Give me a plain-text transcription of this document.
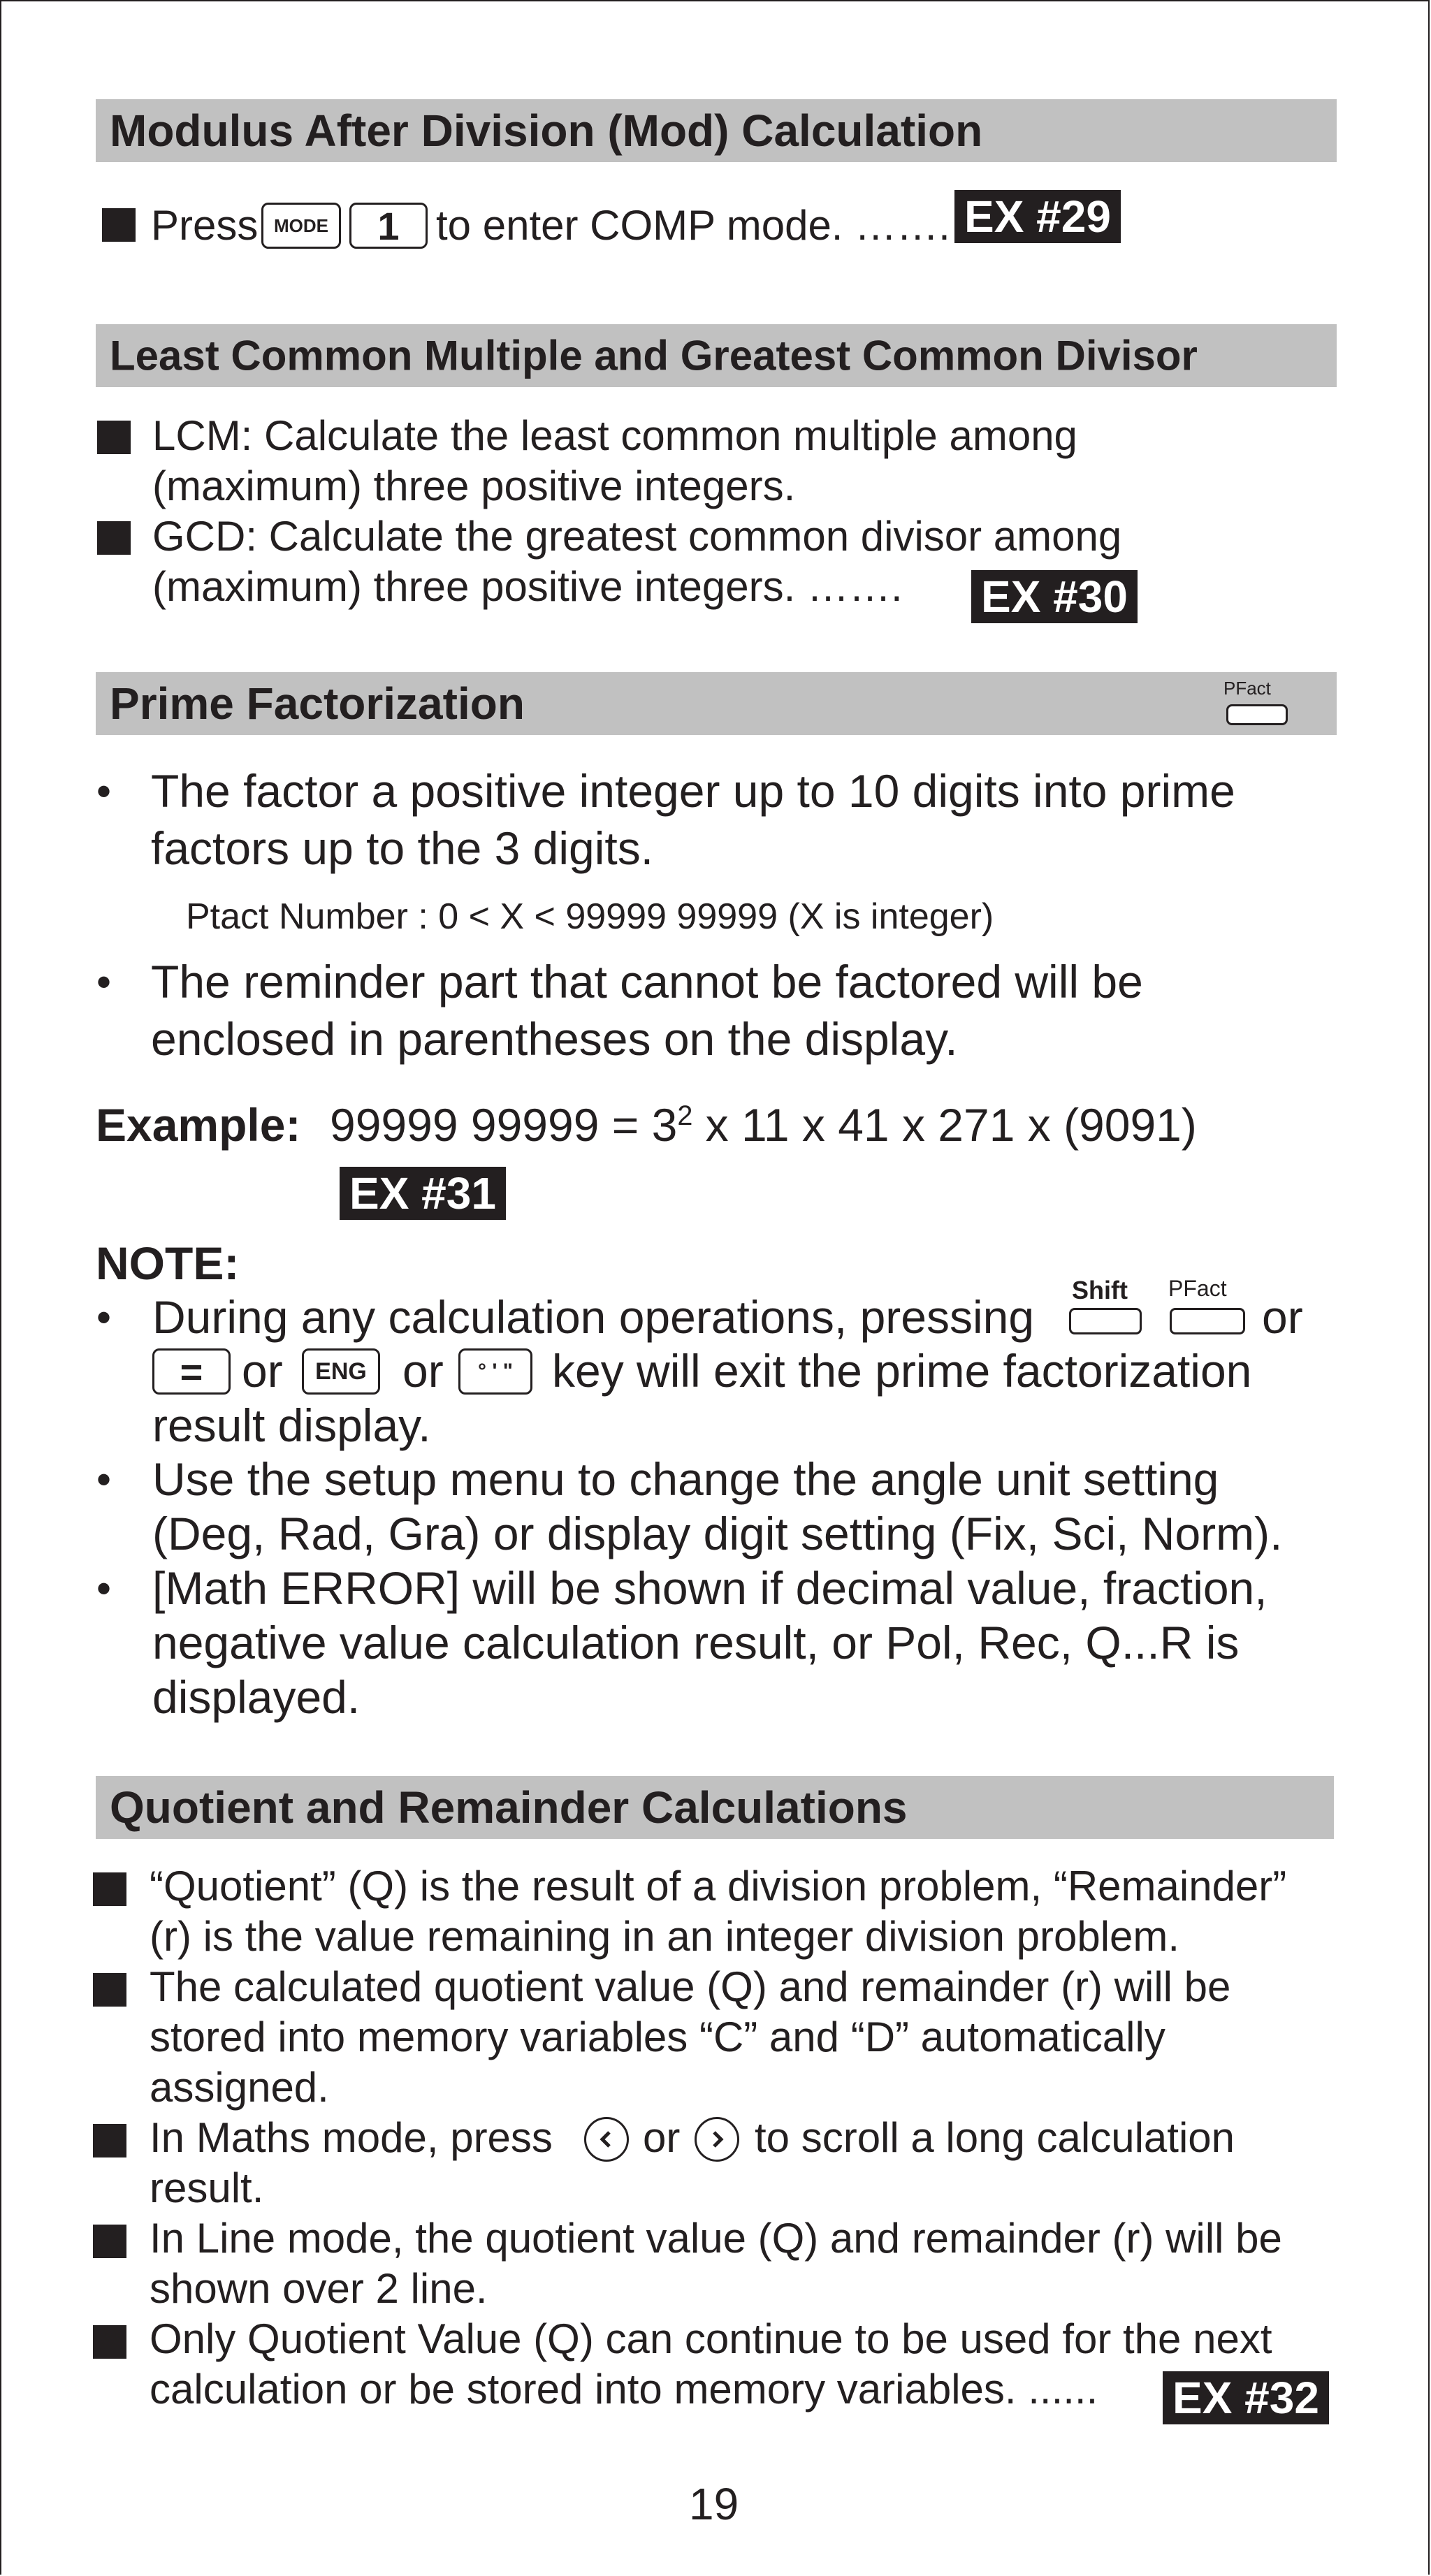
Modulus After Division (Mod) Calculation
Press MODE	1 to enter COMP mode. ……. EX #29
Least Common Multiple and Greatest Common Divisor
LCM: Calculate the least common multiple among
(maximum) three positive integers.
GCD: Calculate the greatest common divisor among
(maximum) three positive integers. ……. EX #30
Prime Factorization	PFact
• The factor a positive integer up to 10 digits into prime
factors up to the 3 digits.
Ptact Number : 0 < X < 99999 99999 (X is integer)
• The reminder part that cannot be factored will be
enclosed in parentheses on the display.
Example: 99999 $99999 = 3^2$ x 11 x 41 x 271 x (9091)
EX #31
NOTE:
• During any calculation operations, pressing
Shift PFact
or
= or	ENG or	° ' " key will exit the prime factorization
result display.
• Use the setup menu to change the angle unit setting
(Deg, Rad, Gra) or display digit setting (Fix, Sci, Norm).
• [Math ERROR] will be shown if decimal value, fraction,
negative value calculation result, or Pol, Rec, Q...R is
displayed.
Quotient and Remainder Calculations
“Quotient” (Q) is the result of a division problem, “Remainder”
(r) is the value remaining in an integer division problem.
The calculated quotient value (Q) and remainder (r) will be
stored into memory variables “C” and “D” automatically
assigned.
In Maths mode, press or to scroll a long calculation
result.
In Line mode, the quotient value (Q) and remainder (r) will be
shown over 2 line.
Only Quotient Value (Q) can continue to be used for the next
calculation or be stored into memory variables. ...... EX #32
19
